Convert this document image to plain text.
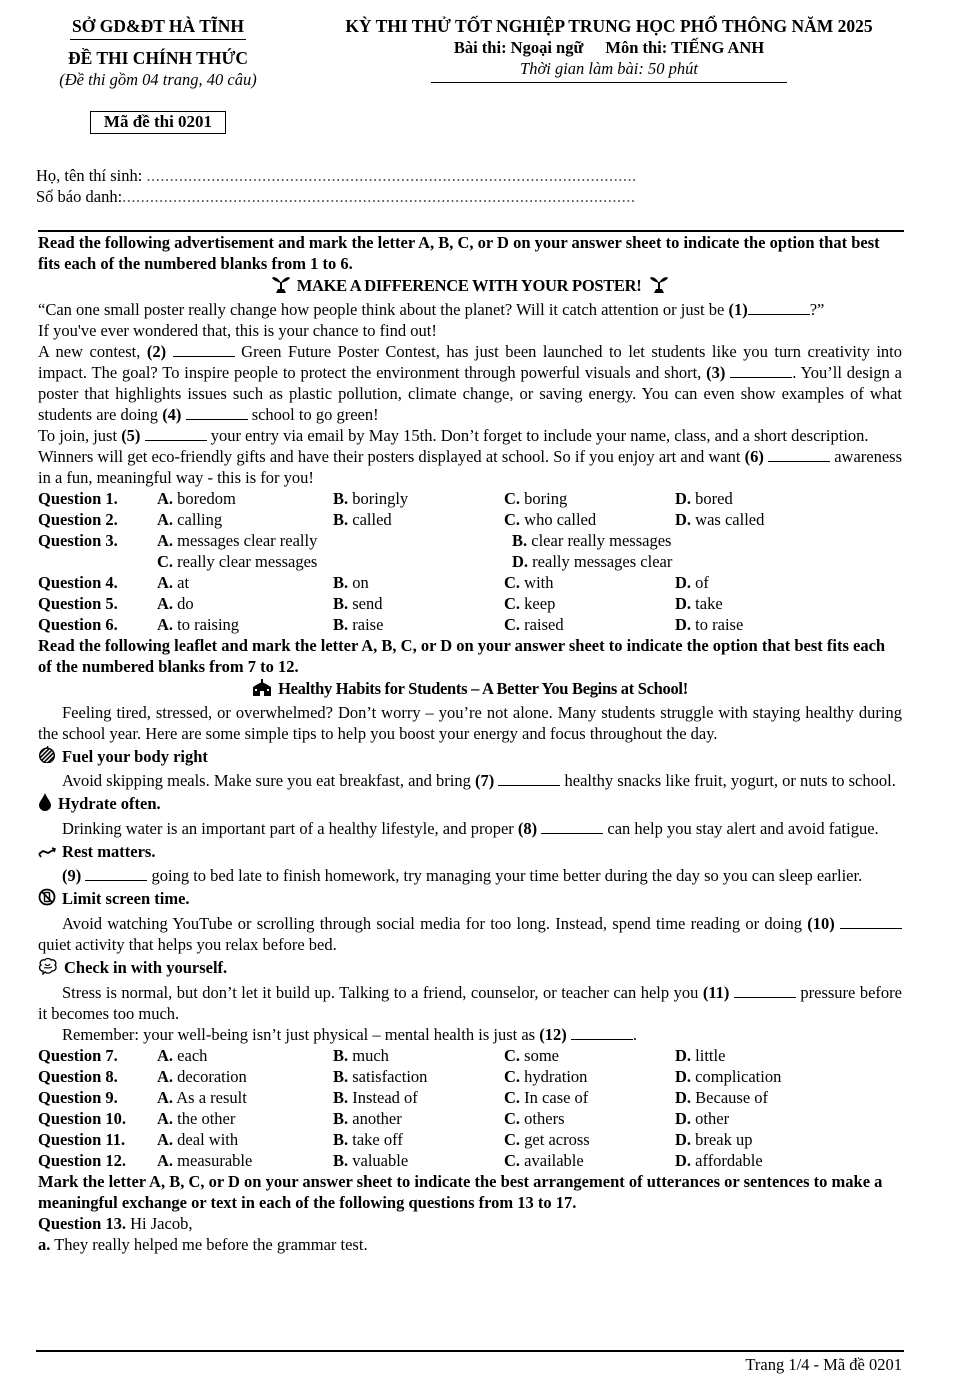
SỞ GD&ĐT HÀ TĨNH
ĐỀ THI CHÍNH THỨC
(Đề thi gồm 04 trang, 40 câu)
Mã đề thi 0201
KỲ THI THỬ TỐT NGHIỆP TRUNG HỌC PHỔ THÔNG NĂM 2025
Bài thi: Ngoại ngữ Môn thi: TIẾNG ANH
Thời gian làm bài: 50 phút
Họ, tên thí sinh: ..........................................................................................................
Số báo danh:...............................................................................................................
Read the following advertisement and mark the letter A, B, C, or D on your answer sheet to indicate the option that best fits each of the numbered blanks from 1 to 6.
MAKE A DIFFERENCE WITH YOUR POSTER!
“Can one small poster really change how people think about the planet? Will it catch attention or just be (1)	?”
If you've ever wondered that, this is your chance to find out!
A new contest, (2)	Green Future Poster Contest, has just been launched to let students like you turn creativity into impact. The goal? To inspire people to protect the environment through powerful visuals and short, (3)	. You’ll design a poster that highlights issues such as plastic pollution, climate change, or saving energy. You can even show examples of what students are doing (4)	school to go green!
To join, just (5)	your entry via email by May 15th. Don’t forget to include your name, class, and a short description.
Winners will get eco-friendly gifts and have their posters displayed at school. So if you enjoy art and want (6)	awareness in a fun, meaningful way - this is for you!
Question 1.	A. boredom	B. boringly	C. boring	D. bored
Question 2.	A. calling	B. called	C. who called	D. was called
Question 3.	A. messages clear really	B. clear really messages
C. really clear messages	D. really messages clear
Question 4.	A. at	B. on	C. with	D. of
Question 5.	A. do	B. send	C. keep	D. take
Question 6.	A. to raising	B. raise	C. raised	D. to raise
Read the following leaflet and mark the letter A, B, C, or D on your answer sheet to indicate the option that best fits each of the numbered blanks from 7 to 12.
Healthy Habits for Students – A Better You Begins at School!
Feeling tired, stressed, or overwhelmed? Don’t worry – you’re not alone. Many students struggle with staying healthy during the school year. Here are some simple tips to help you boost your energy and focus throughout the day.
Fuel your body right
Avoid skipping meals. Make sure you eat breakfast, and bring (7)	healthy snacks like fruit, yogurt, or nuts to school.
Hydrate often.
Drinking water is an important part of a healthy lifestyle, and proper (8)	can help you stay alert and avoid fatigue.
Rest matters.
(9)	going to bed late to finish homework, try managing your time better during the day so you can sleep earlier.
Limit screen time.
Avoid watching YouTube or scrolling through social media for too long. Instead, spend time reading or doing (10)  quiet activity that helps you relax before bed.
Check in with yourself.
Stress is normal, but don’t let it build up. Talking to a friend, counselor, or teacher can help you (11)	pressure before it becomes too much.
Remember: your well-being isn’t just physical – mental health is just as (12)	.
Question 7.	A. each	B. much	C. some	D. little
Question 8.	A. decoration	B. satisfaction	C. hydration	D. complication
Question 9.	A. As a result	B. Instead of	C. In case of	D. Because of
Question 10.	A. the other	B. another	C. others	D. other
Question 11.	A. deal with	B. take off	C. get across	D. break up
Question 12.	A. measurable	B. valuable	C. available	D. affordable
Mark the letter A, B, C, or D on your answer sheet to indicate the best arrangement of utterances or sentences to make a meaningful exchange or text in each of the following questions from 13 to 17.
Question 13. Hi Jacob,
a. They really helped me before the grammar test.
Trang 1/4 - Mã đề 0201
